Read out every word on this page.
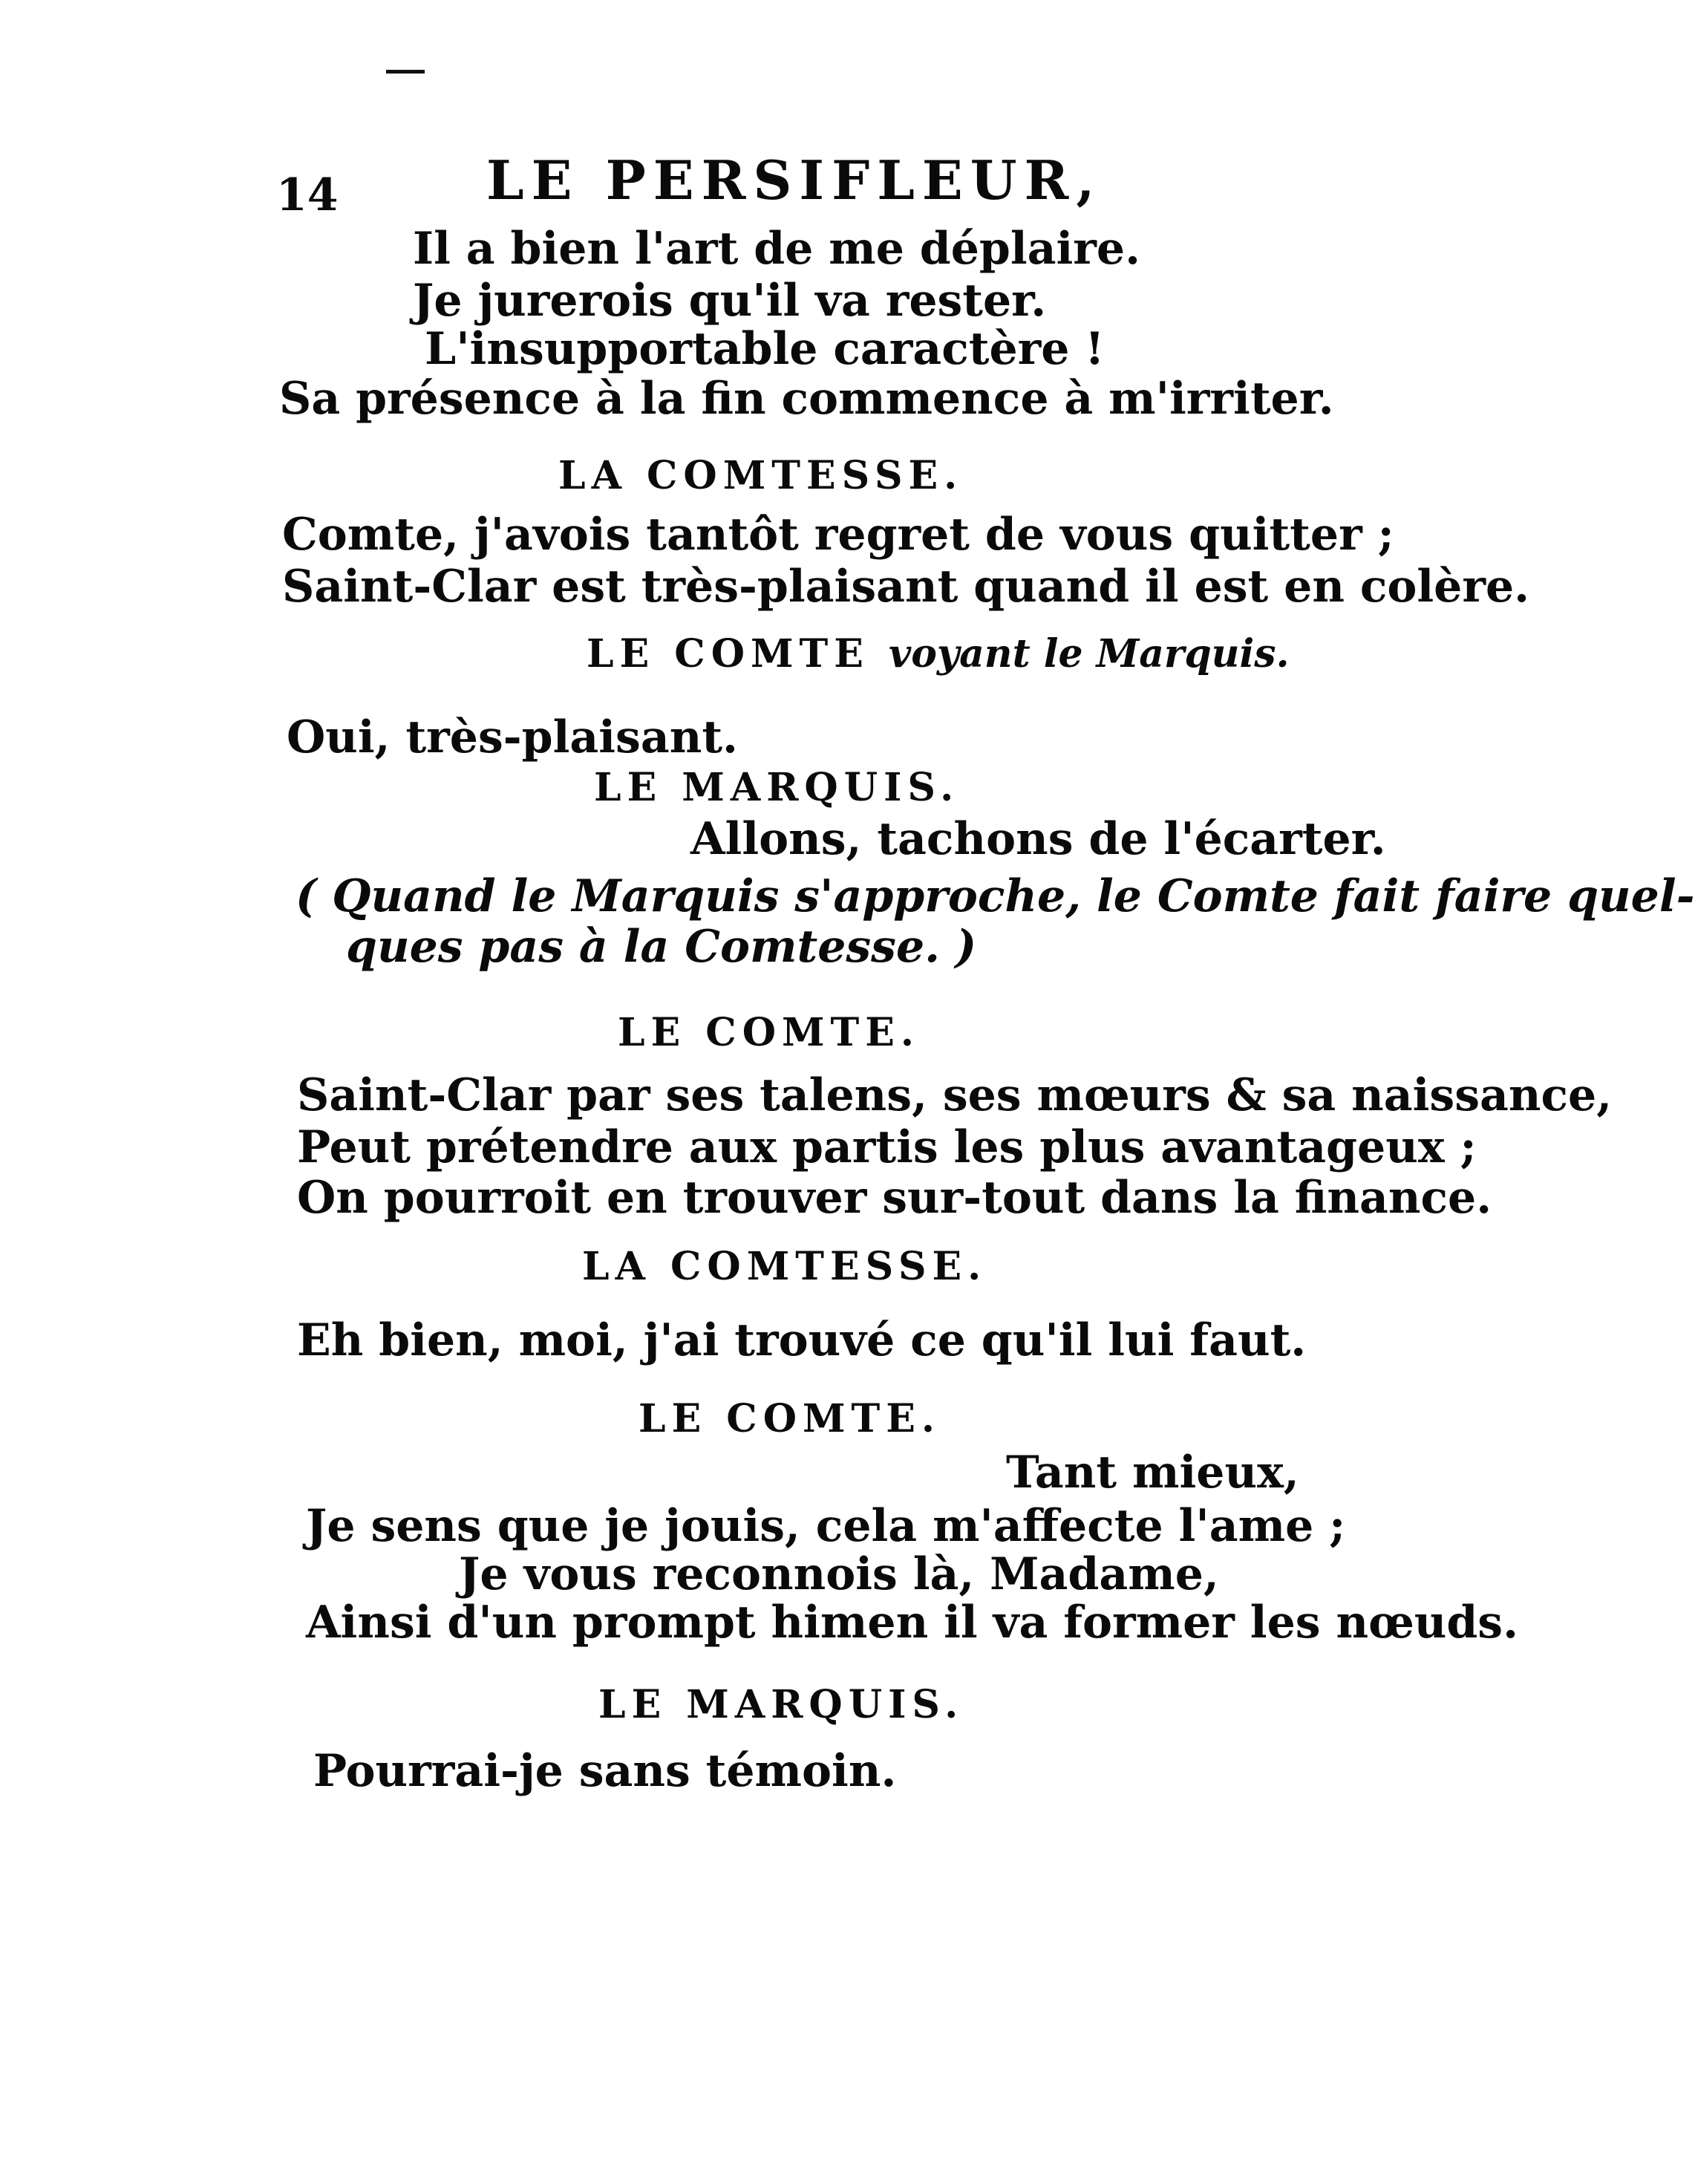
14	LE PERSIFLEUR,
Il a bien l'art de me déplaire.
Je jurerois qu'il va rester.
L'insupportable caractère !
Sa présence à la fin commence à m'irriter.
LA COMTESSE.
Comte, j'avois tantôt regret de vous quitter ;
Saint-Clar est très-plaisant quand il est en colère.
LE COMTE voyant le Marquis.
Oui, très-plaisant.
LE MARQUIS.
Allons, tachons de l'écarter.
( Quand le Marquis s'approche, le Comte fait faire quel-
ques pas à la Comtesse. )
LE COMTE.
Saint-Clar par ses talens, ses mœurs & sa naissance,
Peut prétendre aux partis les plus avantageux ;
On pourroit en trouver sur-tout dans la finance.
LA COMTESSE.
Eh bien, moi, j'ai trouvé ce qu'il lui faut.
LE COMTE.
Tant mieux,
Je sens que je jouis, cela m'affecte l'ame ;
Je vous reconnois là, Madame,
Ainsi d'un prompt himen il va former les nœuds.
LE MARQUIS.
Pourrai-je sans témoin.
